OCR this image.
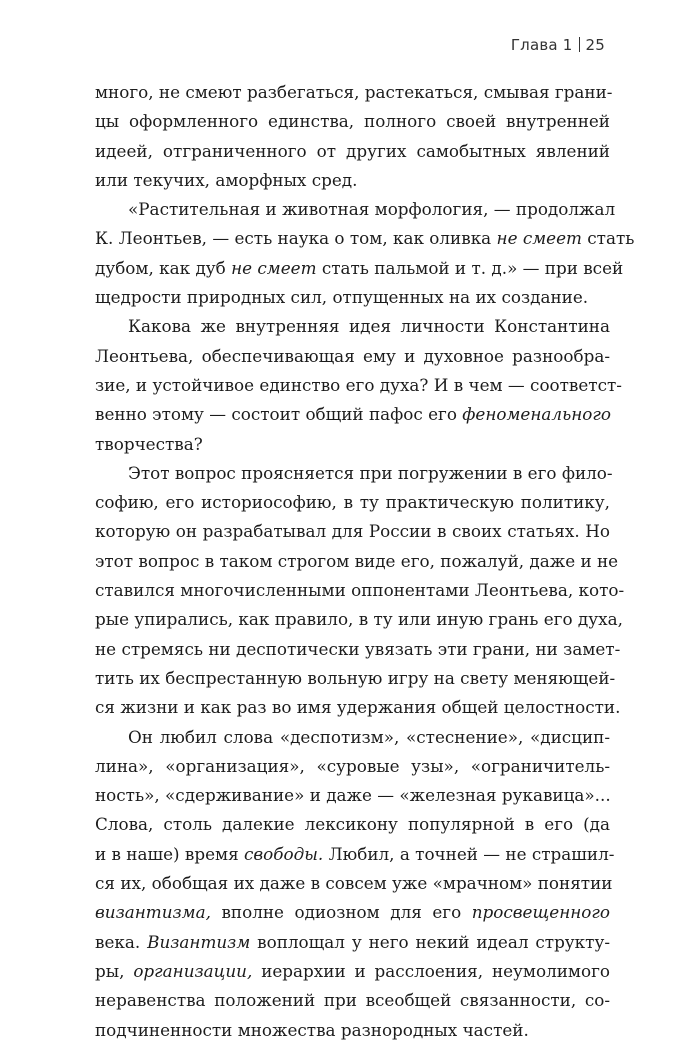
Глава 1 25
много, не смеют разбегаться, растекаться, смывая грани-
цы оформленного единства, полного своей внутренней
идеей, отграниченного от других самобытных явлений
или текучих, аморфных сред.
«Растительная и животная морфология, — продолжал
К. Леонтьев, — есть наука о том, как оливка не смеет стать
дубом, как дуб не смеет стать пальмой и т. д.» — при всей
щедрости природных сил, отпущенных на их создание.
Какова же внутренняя идея личности Константина
Леонтьева, обеспечивающая ему и духовное разнообра-
зие, и устойчивое единство его духа? И в чем — соответст-
венно этому — состоит общий пафос его феноменального
творчества?
Этот вопрос проясняется при погружении в его фило-
софию, его историософию, в ту практическую политику,
которую он разрабатывал для России в своих статьях. Но
этот вопрос в таком строгом виде его, пожалуй, даже и не
ставился многочисленными оппонентами Леонтьева, кото-
рые упирались, как правило, в ту или иную грань его духа,
не стремясь ни деспотически увязать эти грани, ни замет-
тить их беспрестанную вольную игру на свету меняющей-
ся жизни и как раз во имя удержания общей целостности.
Он любил слова «деспотизм», «стеснение», «дисцип-
лина», «организация», «суровые узы», «ограничитель-
ность», «сдерживание» и даже — «железная рукавица»...
Слова, столь далекие лексикону популярной в его (да
и в наше) время свободы. Любил, а точней — не страшил-
ся их, обобщая их даже в совсем уже «мрачном» понятии
византизма, вполне одиозном для его просвещенного
века. Византизм воплощал у него некий идеал структу-
ры, организации, иерархии и расслоения, неумолимого
неравенства положений при всеобщей связанности, со-
подчиненности множества разнородных частей.
